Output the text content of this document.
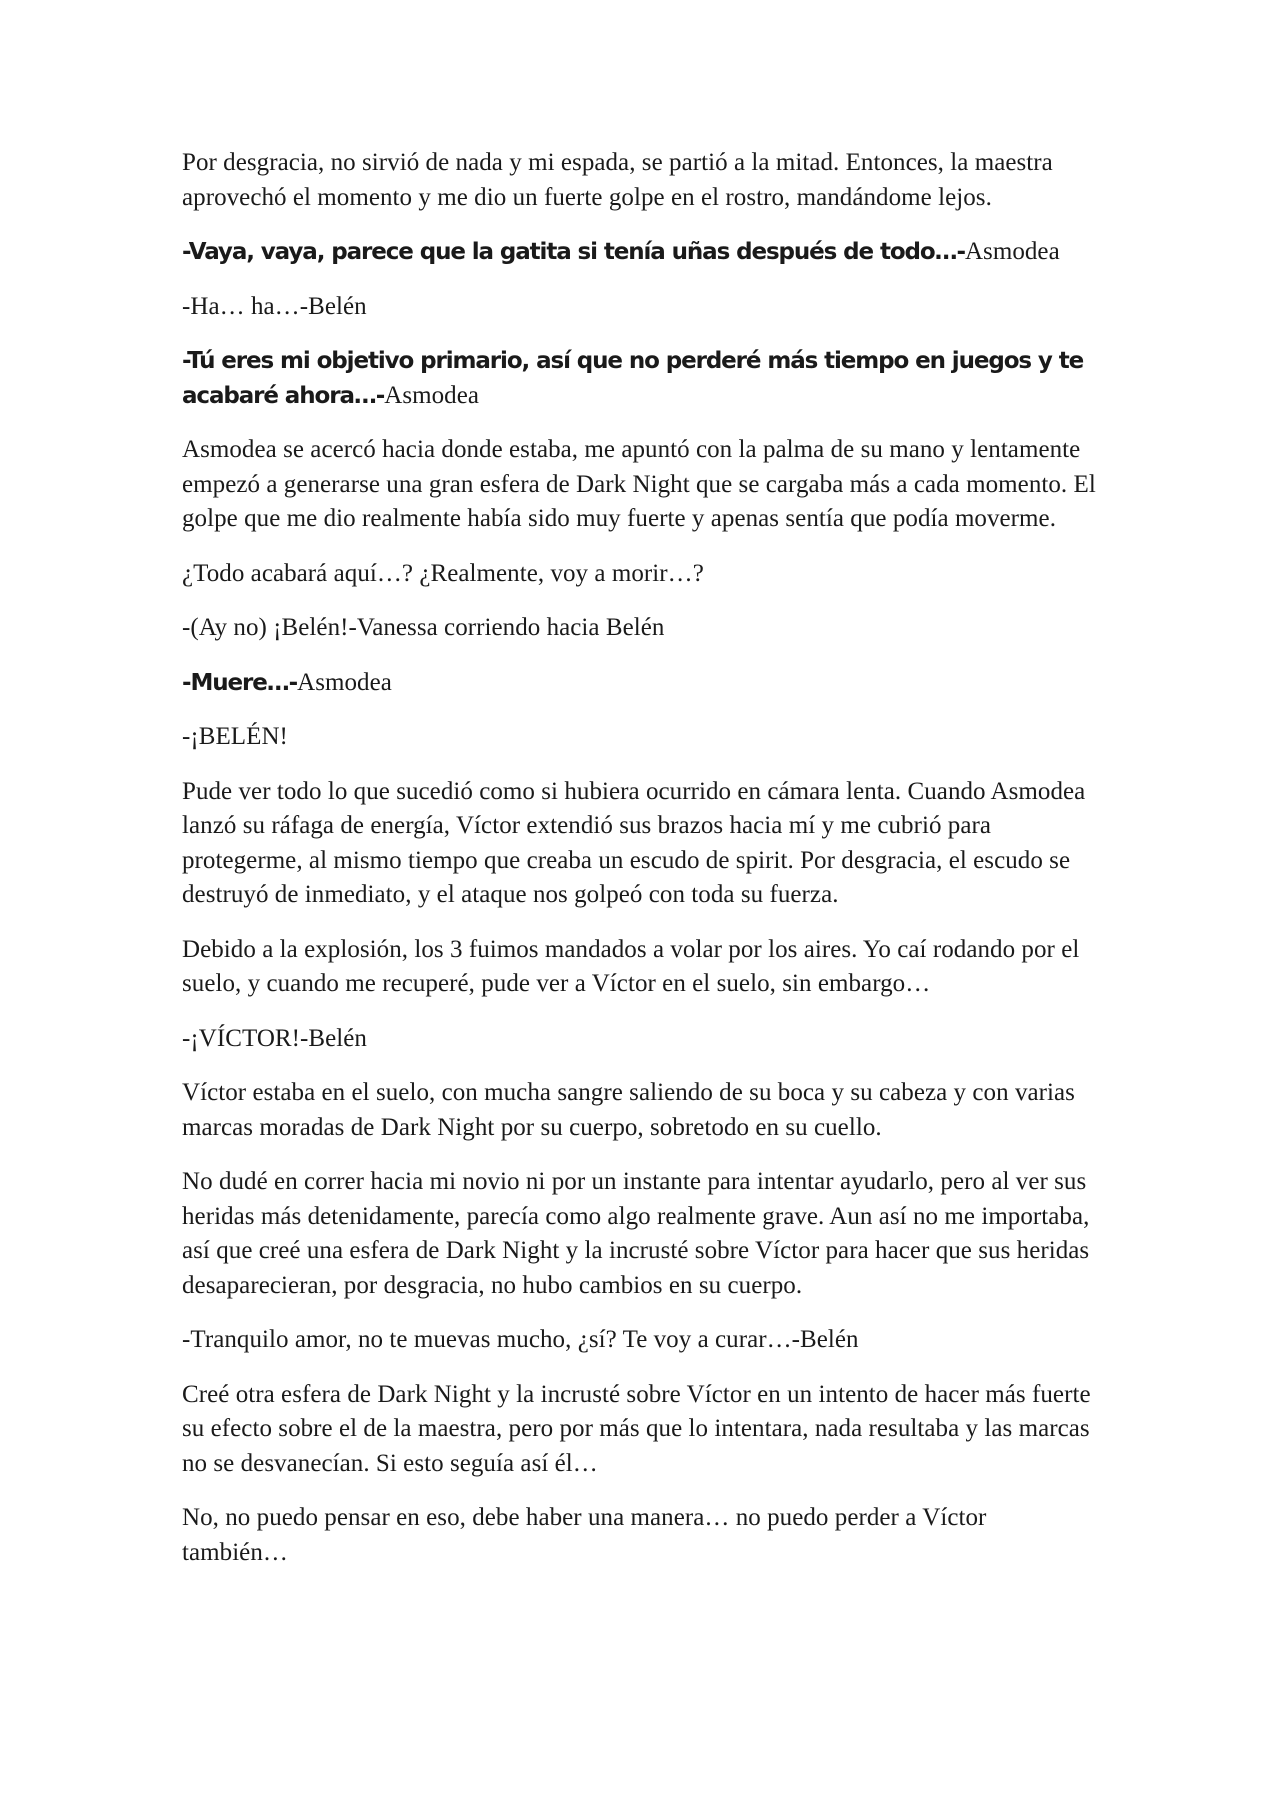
Por desgracia, no sirvió de nada y mi espada, se partió a la mitad. Entonces, la maestra aprovechó el momento y me dio un fuerte golpe en el rostro, mandándome lejos.

-Vaya, vaya, parece que la gatita si tenía uñas después de todo…-Asmodea

-Ha… ha…-Belén

-Tú eres mi objetivo primario, así que no perderé más tiempo en juegos y te acabaré ahora…-Asmodea

Asmodea se acercó hacia donde estaba, me apuntó con la palma de su mano y lentamente empezó a generarse una gran esfera de Dark Night que se cargaba más a cada momento. El golpe que me dio realmente había sido muy fuerte y apenas sentía que podía moverme.

¿Todo acabará aquí…? ¿Realmente, voy a morir…?

-(Ay no) ¡Belén!-Vanessa corriendo hacia Belén

-Muere…-Asmodea

-¡BELÉN!

Pude ver todo lo que sucedió como si hubiera ocurrido en cámara lenta. Cuando Asmodea lanzó su ráfaga de energía, Víctor extendió sus brazos hacia mí y me cubrió para protegerme, al mismo tiempo que creaba un escudo de spirit. Por desgracia, el escudo se destruyó de inmediato, y el ataque nos golpeó con toda su fuerza.

Debido a la explosión, los 3 fuimos mandados a volar por los aires. Yo caí rodando por el suelo, y cuando me recuperé, pude ver a Víctor en el suelo, sin embargo…

-¡VÍCTOR!-Belén

Víctor estaba en el suelo, con mucha sangre saliendo de su boca y su cabeza y con varias marcas moradas de Dark Night por su cuerpo, sobretodo en su cuello.

No dudé en correr hacia mi novio ni por un instante para intentar ayudarlo, pero al ver sus heridas más detenidamente, parecía como algo realmente grave. Aun así no me importaba, así que creé una esfera de Dark Night y la incrusté sobre Víctor para hacer que sus heridas desaparecieran, por desgracia, no hubo cambios en su cuerpo.

-Tranquilo amor, no te muevas mucho, ¿sí? Te voy a curar…-Belén

Creé otra esfera de Dark Night y la incrusté sobre Víctor en un intento de hacer más fuerte su efecto sobre el de la maestra, pero por más que lo intentara, nada resultaba y las marcas no se desvanecían. Si esto seguía así él…

No, no puedo pensar en eso, debe haber una manera… no puedo perder a Víctor también…
